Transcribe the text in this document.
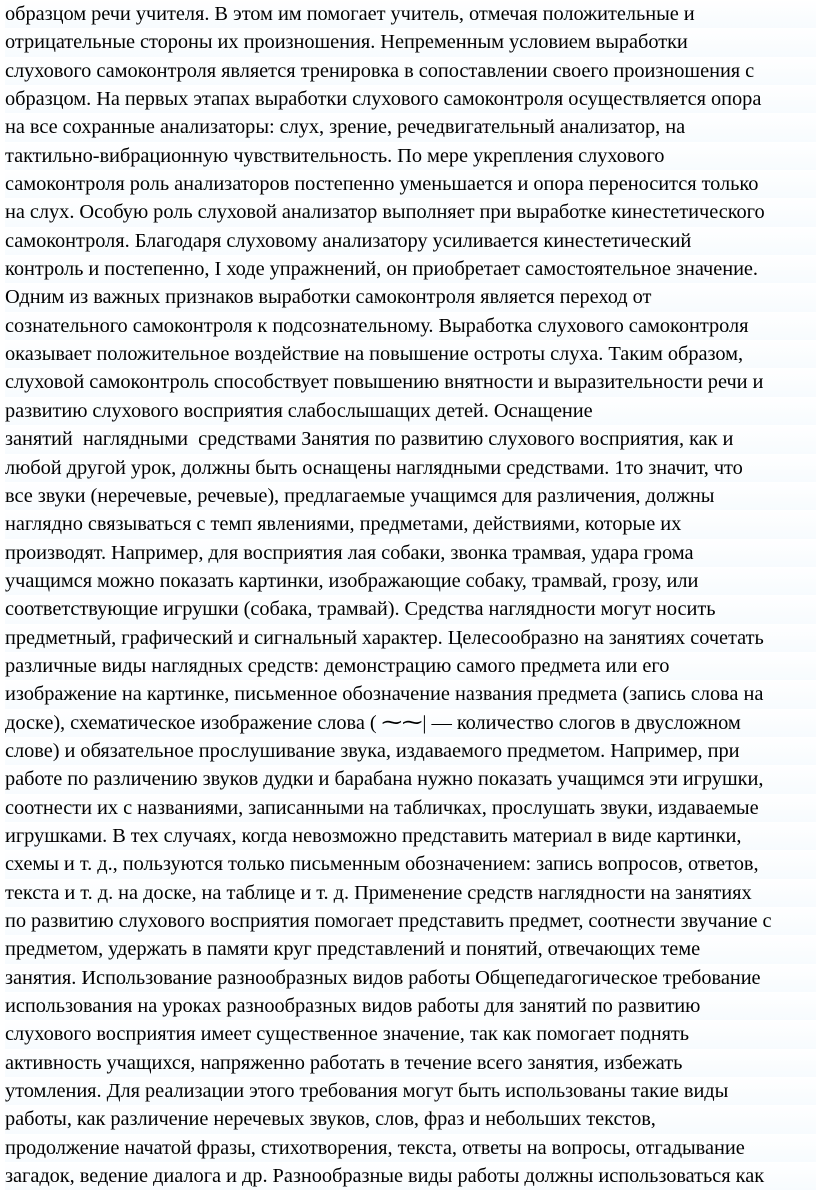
образцом речи учителя. В этом им помогает учитель, отмечая положительные и
отрицательные стороны их произношения. Непременным условием выработки
слухового самоконтроля является тренировка в сопоставлении своего произношения с
образцом. На первых этапах выработки слухового самоконтроля осуществляется опора
на все сохранные анализаторы: слух, зрение, речедвигательный анализатор, на
тактильно-вибрационную чувствительность. По мере укрепления слухового
самоконтроля роль анализаторов постепенно уменьшается и опора переносится только
на слух. Особую роль слуховой анализатор выполняет при выработке кинестетического
самоконтроля. Благодаря слуховому анализатору усиливается кинестетический
контроль и постепенно, I ходе упражнений, он приобретает самостоятельное значение.
Одним из важных признаков выработки самоконтроля является переход от
сознательного самоконтроля к подсознательному. Выработка слухового самоконтроля
оказывает положительное воздействие на повышение остроты слуха. Таким образом,
слуховой самоконтроль способствует повышению внятности и выразительности речи и
развитию слухового восприятия слабослышащих детей. Оснащение
занятий  наглядными  средствами Занятия по развитию слухового восприятия, как и
любой другой урок, должны быть оснащены наглядными средствами. 1то значит, что
все звуки (неречевые, речевые), предлагаемые учащимся для различения, должны
наглядно связываться с темп явлениями, предметами, действиями, которые их
производят. Например, для восприятия лая собаки, звонка трамвая, удара грома
учащимся можно показать картинки, изображающие собаку, трамвай, грозу, или
соответствующие игрушки (собака, трамвай). Средства наглядности могут носить
предметный, графический и сигнальный характер. Целесообразно на занятиях сочетать
различные виды наглядных средств: демонстрацию самого предмета или его
изображение на картинке, письменное обозначение названия предмета (запись слова на
доске), схематическое изображение слова ( ⁓⁓| — количество слогов в двусложном
слове) и обязательное прослушивание звука, издаваемого предметом. Например, при
работе по различению звуков дудки и барабана нужно показать учащимся эти игрушки,
соотнести их с названиями, записанными на табличках, прослушать звуки, издаваемые
игрушками. В тех случаях, когда невозможно представить материал в виде картинки,
схемы и т. д., пользуются только письменным обозначением: запись вопросов, ответов,
текста и т. д. на доске, на таблице и т. д. Применение средств наглядности на занятиях
по развитию слухового восприятия помогает представить предмет, соотнести звучание с
предметом, удержать в памяти круг представлений и понятий, отвечающих теме
занятия. Использование разнообразных видов работы Общепедагогическое требование
использования на уроках разнообразных видов работы для занятий по развитию
слухового восприятия имеет существенное значение, так как помогает поднять
активность учащихся, напряженно работать в течение всего занятия, избежать
утомления. Для реализации этого требования могут быть использованы такие виды
работы, как различение неречевых звуков, слов, фраз и небольших текстов,
продолжение начатой фразы, стихотворения, текста, ответы на вопросы, отгадывание
загадок, ведение диалога и др. Разнообразные виды работы должны использоваться как
